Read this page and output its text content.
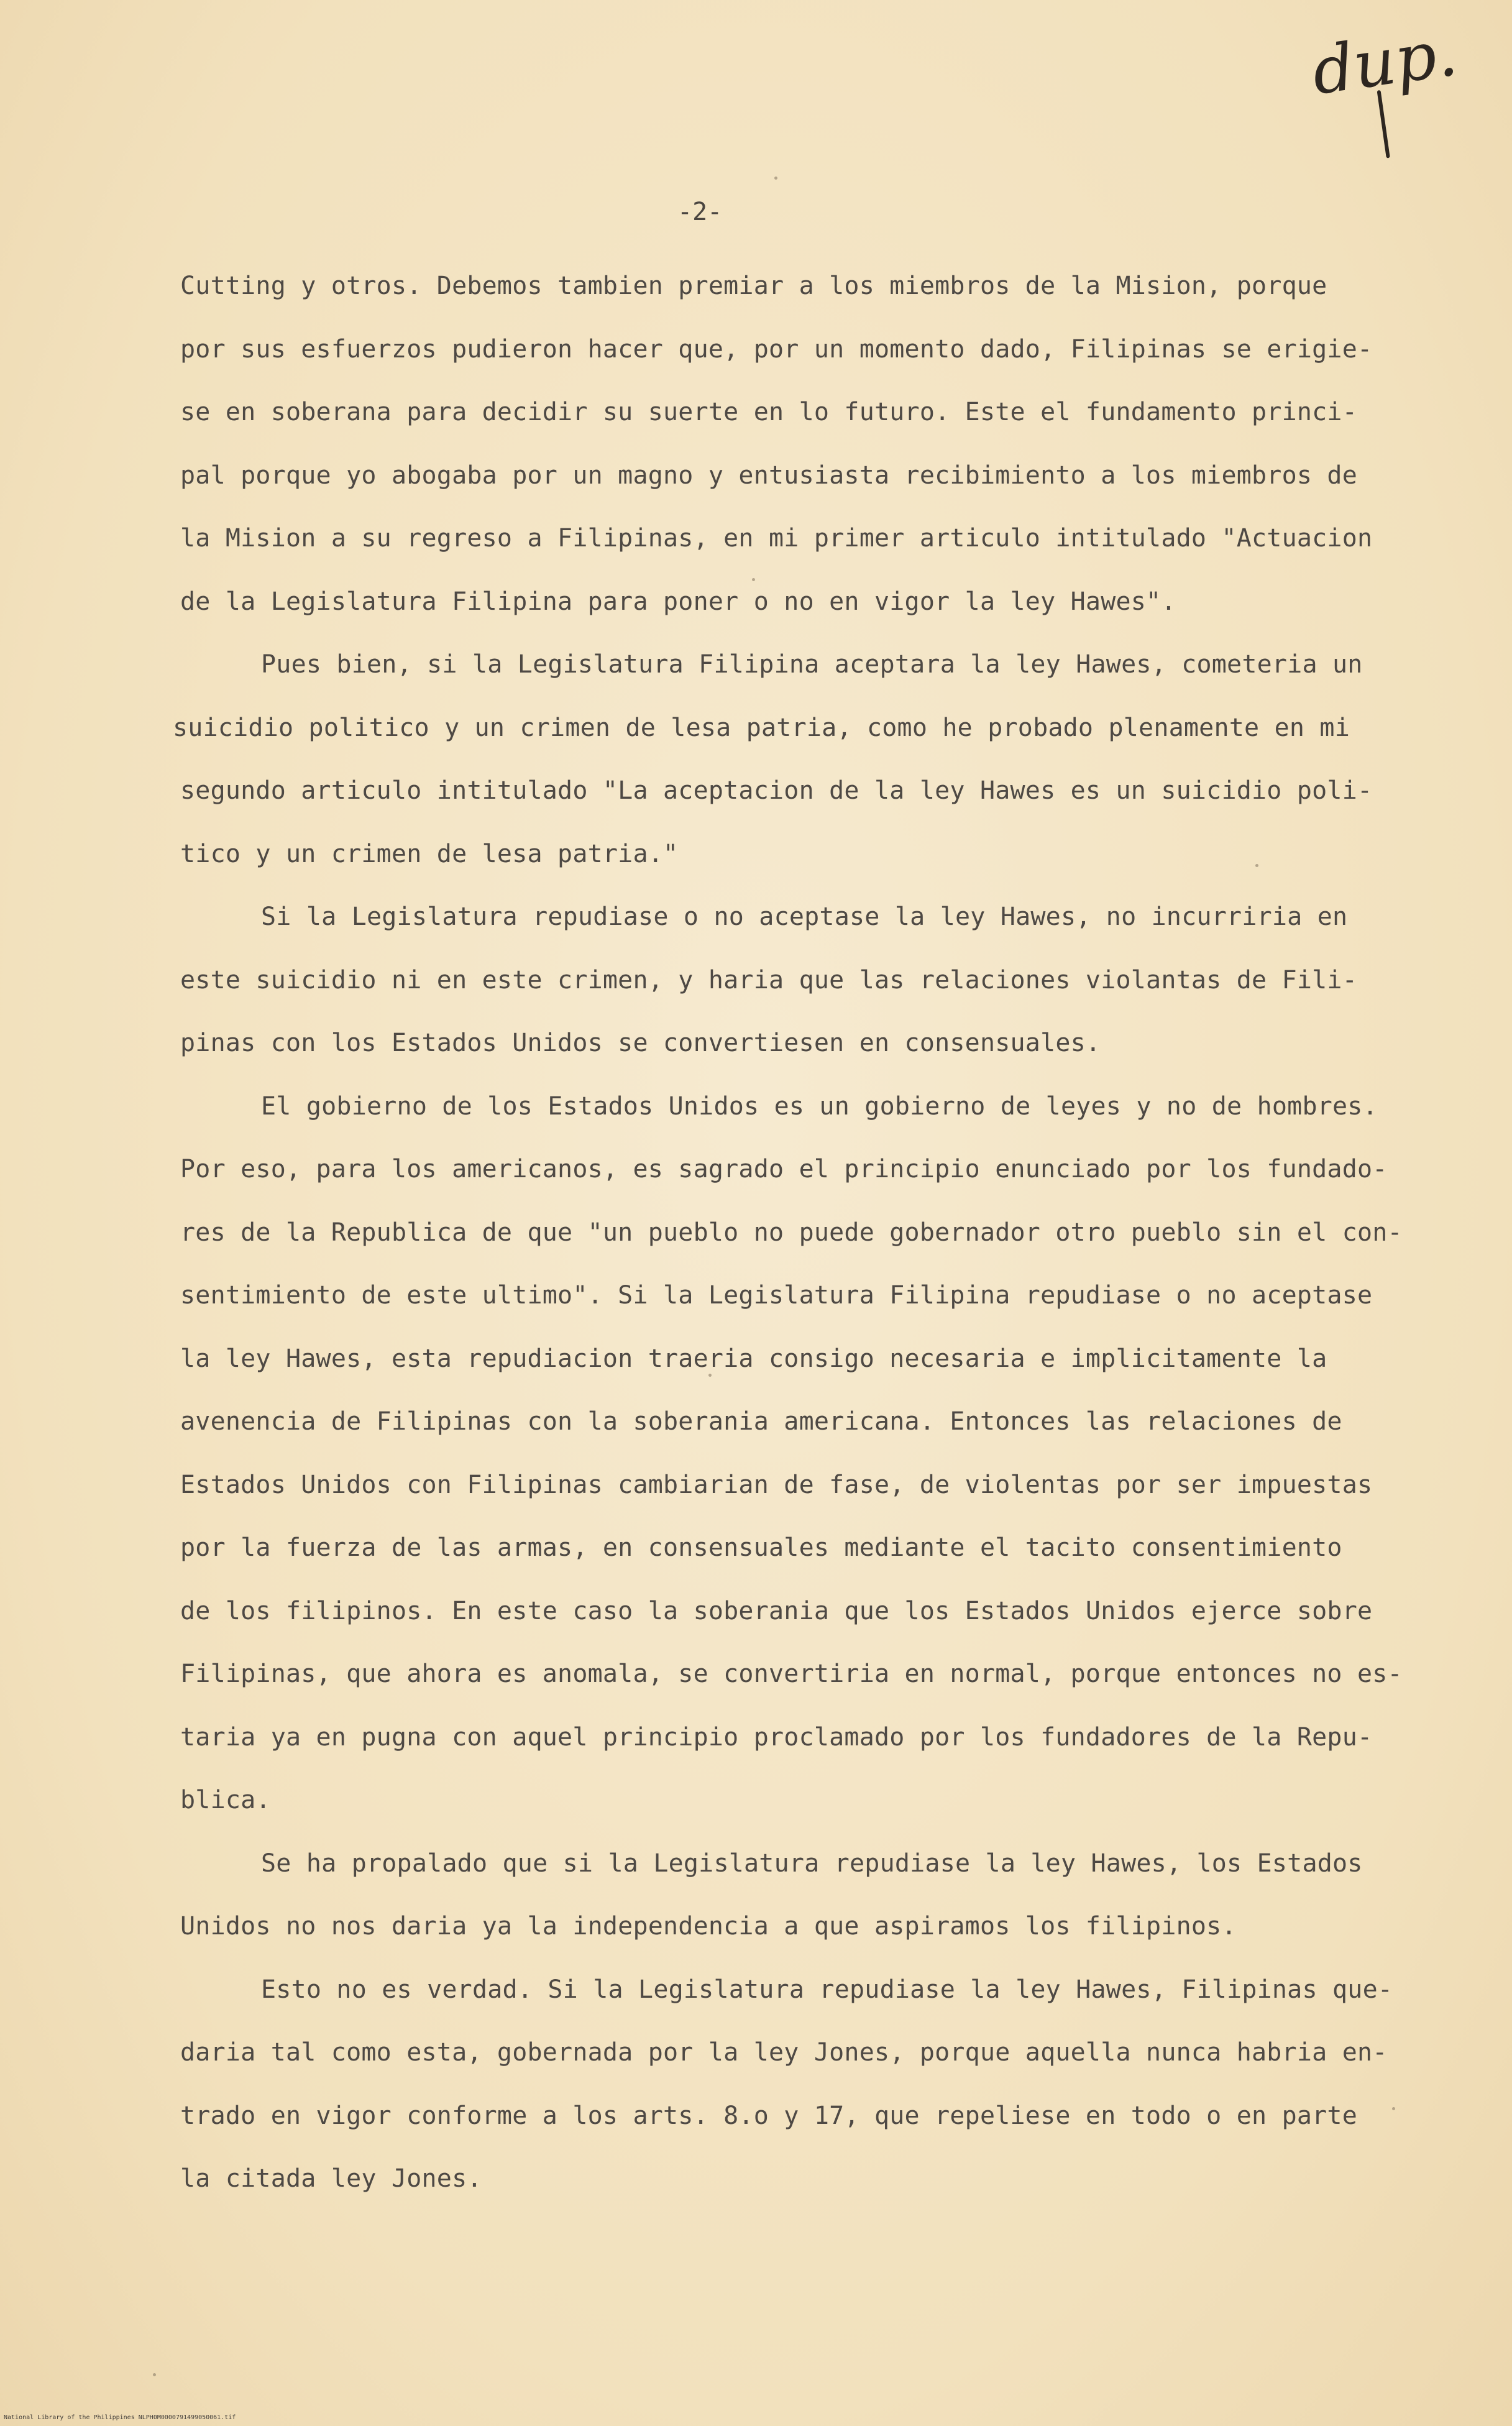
dup.
-2-
Cutting y otros. Debemos tambien premiar a los miembros de la Mision, porque
por sus esfuerzos pudieron hacer que, por un momento dado, Filipinas se erigie-
se en soberana para decidir su suerte en lo futuro. Este el fundamento princi-
pal porque yo abogaba por un magno y entusiasta recibimiento a los miembros de
la Mision a su regreso a Filipinas, en mi primer articulo intitulado "Actuacion
de la Legislatura Filipina para poner o no en vigor la ley Hawes".
Pues bien, si la Legislatura Filipina aceptara la ley Hawes, cometeria un
suicidio politico y un crimen de lesa patria, como he probado plenamente en mi
segundo articulo intitulado "La aceptacion de la ley Hawes es un suicidio poli-
tico y un crimen de lesa patria."
Si la Legislatura repudiase o no aceptase la ley Hawes, no incurriria en
este suicidio ni en este crimen, y haria que las relaciones violantas de Fili-
pinas con los Estados Unidos se convertiesen en consensuales.
El gobierno de los Estados Unidos es un gobierno de leyes y no de hombres.
Por eso, para los americanos, es sagrado el principio enunciado por los fundado-
res de la Republica de que "un pueblo no puede gobernador otro pueblo sin el con-
sentimiento de este ultimo". Si la Legislatura Filipina repudiase o no aceptase
la ley Hawes, esta repudiacion traeria consigo necesaria e implicitamente la
avenencia de Filipinas con la soberania americana. Entonces las relaciones de
Estados Unidos con Filipinas cambiarian de fase, de violentas por ser impuestas
por la fuerza de las armas, en consensuales mediante el tacito consentimiento
de los filipinos. En este caso la soberania que los Estados Unidos ejerce sobre
Filipinas, que ahora es anomala, se convertiria en normal, porque entonces no es-
taria ya en pugna con aquel principio proclamado por los fundadores de la Repu-
blica.
Se ha propalado que si la Legislatura repudiase la ley Hawes, los Estados
Unidos no nos daria ya la independencia a que aspiramos los filipinos.
Esto no es verdad. Si la Legislatura repudiase la ley Hawes, Filipinas que-
daria tal como esta, gobernada por la ley Jones, porque aquella nunca habria en-
trado en vigor conforme a los arts. 8.o y 17, que repeliese en todo o en parte
la citada ley Jones.
National Library of the Philippines NLPH0M0000791499050061.tif
